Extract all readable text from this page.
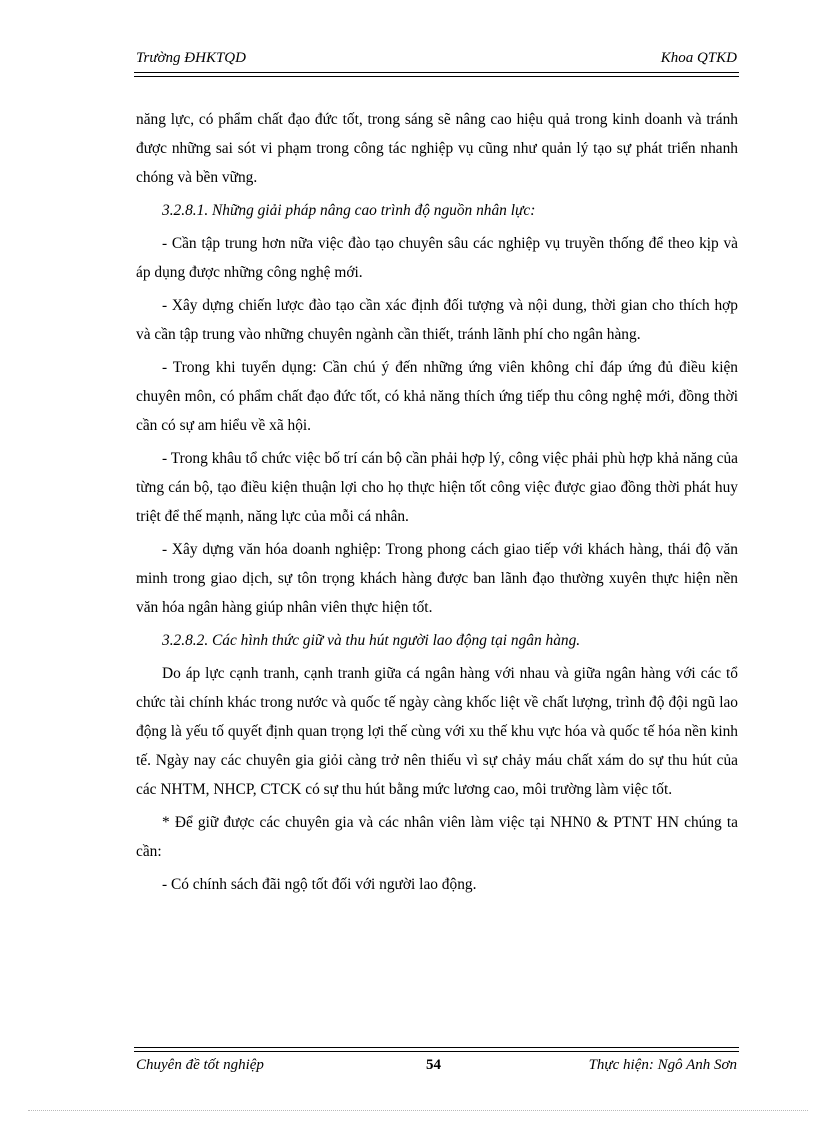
Trường ĐHKTQD	Khoa QTKD

năng lực, có phẩm chất đạo đức tốt, trong sáng sẽ nâng cao hiệu quả trong kinh doanh và tránh được những sai sót vi phạm trong công tác nghiệp vụ cũng như quản lý tạo sự phát triển nhanh chóng và bền vững.

3.2.8.1. Những giải pháp nâng cao trình độ nguồn nhân lực:

- Cần tập trung hơn nữa việc đào tạo chuyên sâu các nghiệp vụ truyền thống để theo kịp và áp dụng được những công nghệ mới.

- Xây dựng chiến lược đào tạo cần xác định đối tượng và nội dung, thời gian cho thích hợp và cần tập trung vào những chuyên ngành cần thiết, tránh lãnh phí cho ngân hàng.

- Trong khi tuyển dụng: Cần chú ý đến những ứng viên không chỉ đáp ứng đủ điều kiện chuyên môn, có phẩm chất đạo đức tốt, có khả năng thích ứng tiếp thu công nghệ mới, đồng thời cần có sự am hiểu về xã hội.

- Trong khâu tổ chức việc bố trí cán bộ cần phải hợp lý, công việc phải phù hợp khả năng của từng cán bộ, tạo điều kiện thuận lợi cho họ thực hiện tốt công việc được giao đồng thời phát huy triệt để thế mạnh, năng lực của mỗi cá nhân.

- Xây dựng văn hóa doanh nghiệp: Trong phong cách giao tiếp với khách hàng, thái độ văn minh trong giao dịch, sự tôn trọng khách hàng được ban lãnh đạo thường xuyên thực hiện nền văn hóa ngân hàng giúp nhân viên thực hiện tốt.

3.2.8.2. Các hình thức giữ và thu hút người lao động tại ngân hàng.

Do áp lực cạnh tranh, cạnh tranh giữa cá ngân hàng với nhau và giữa ngân hàng với các tổ chức tài chính khác trong nước và quốc tế ngày càng khốc liệt về chất lượng, trình độ đội ngũ lao động là yếu tố quyết định quan trọng lợi thế cùng với xu thế khu vực hóa và quốc tế hóa nền kinh tế. Ngày nay các chuyên gia giỏi càng trở nên thiếu vì sự chảy máu chất xám do sự thu hút của các NHTM, NHCP, CTCK có sự thu hút bằng mức lương cao, môi trường làm việc tốt.

* Để giữ được các chuyên gia và các nhân viên làm việc tại NHN0 & PTNT HN chúng ta cần:

- Có chính sách đãi ngộ tốt đối với người lao động.

Chuyên đề tốt nghiệp	54	Thực hiện: Ngô Anh Sơn
